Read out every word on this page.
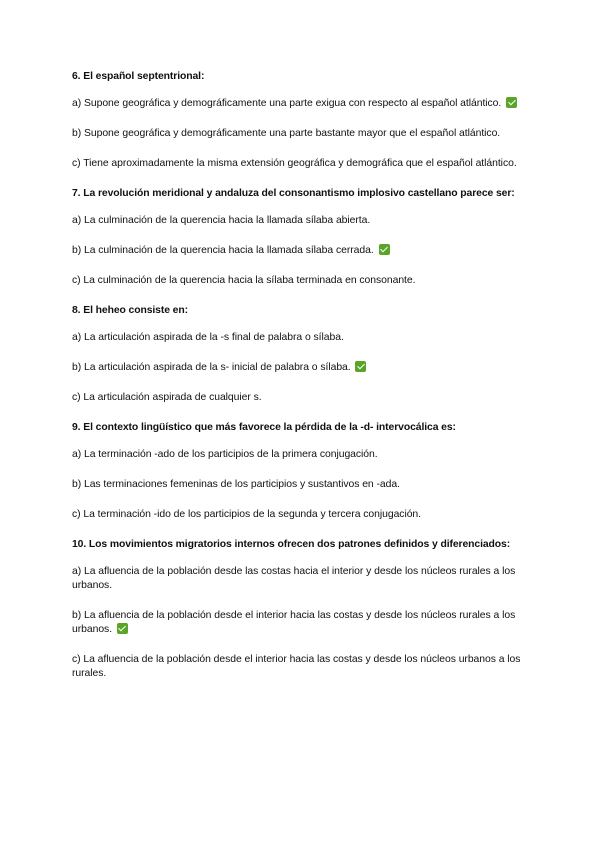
6. El español septentrional:

a) Supone geográfica y demográficamente una parte exigua con respecto al español atlántico.

b) Supone geográfica y demográficamente una parte bastante mayor que el español atlántico.

c) Tiene aproximadamente la misma extensión geográfica y demográfica que el español atlántico.

7. La revolución meridional y andaluza del consonantismo implosivo castellano parece ser:

a) La culminación de la querencia hacia la llamada sílaba abierta.

b) La culminación de la querencia hacia la llamada sílaba cerrada.

c) La culminación de la querencia hacia la sílaba terminada en consonante.

8. El heheo consiste en:

a) La articulación aspirada de la -s final de palabra o sílaba.

b) La articulación aspirada de la s- inicial de palabra o sílaba.

c) La articulación aspirada de cualquier s.

9. El contexto lingüístico que más favorece la pérdida de la -d- intervocálica es:

a) La terminación -ado de los participios de la primera conjugación.

b) Las terminaciones femeninas de los participios y sustantivos en -ada.

c) La terminación -ido de los participios de la segunda y tercera conjugación.

10. Los movimientos migratorios internos ofrecen dos patrones definidos y diferenciados:

a) La afluencia de la población desde las costas hacia el interior y desde los núcleos rurales a los urbanos.

b) La afluencia de la población desde el interior hacia las costas y desde los núcleos rurales a los urbanos.

c) La afluencia de la población desde el interior hacia las costas y desde los núcleos urbanos a los rurales.
